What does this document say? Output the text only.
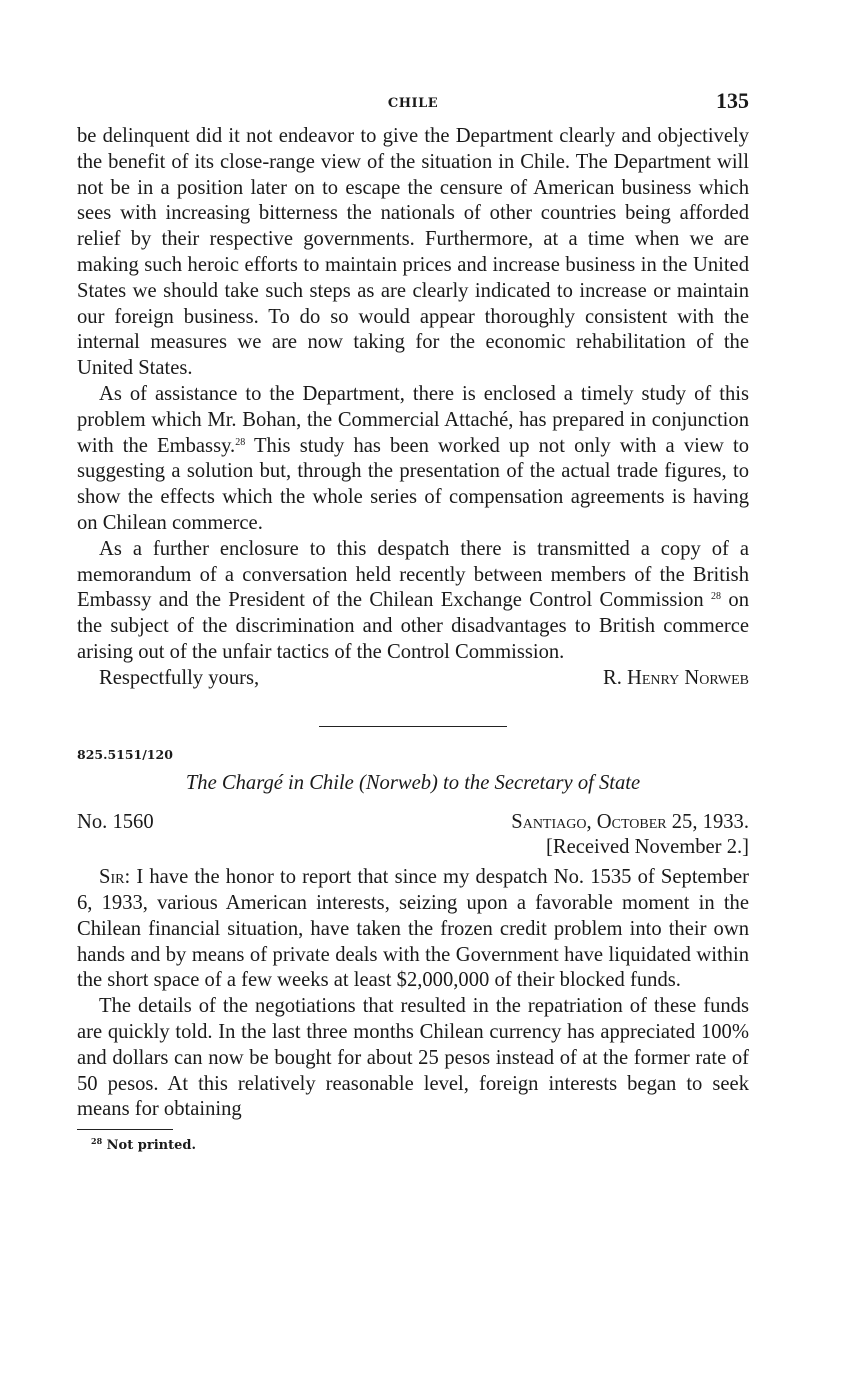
CHILE	135

be delinquent did it not endeavor to give the Department clearly and objectively the benefit of its close-range view of the situation in Chile. The Department will not be in a position later on to escape the censure of American business which sees with increasing bitterness the nationals of other countries being afforded relief by their respective governments. Furthermore, at a time when we are making such heroic efforts to maintain prices and increase business in the United States we should take such steps as are clearly indicated to increase or maintain our foreign business. To do so would appear thoroughly consistent with the internal measures we are now taking for the economic rehabilitation of the United States.

As of assistance to the Department, there is enclosed a timely study of this problem which Mr. Bohan, the Commercial Attaché, has prepared in conjunction with the Embassy.$^{28}$ This study has been worked up not only with a view to suggesting a solution but, through the presentation of the actual trade figures, to show the effects which the whole series of compensation agreements is having on Chilean commerce.

As a further enclosure to this despatch there is transmitted a copy of a memorandum of a conversation held recently between members of the British Embassy and the President of the Chilean Exchange Control Commission $^{28}$ on the subject of the discrimination and other disadvantages to British commerce arising out of the unfair tactics of the Control Commission.

Respectfully yours,	R. Henry Norweb
825.5151/120
The Chargé in Chile (Norweb) to the Secretary of State
No. 1560	Santiago, October 25, 1933.
[Received November 2.]

Sir: I have the honor to report that since my despatch No. 1535 of September 6, 1933, various American interests, seizing upon a favorable moment in the Chilean financial situation, have taken the frozen credit problem into their own hands and by means of private deals with the Government have liquidated within the short space of a few weeks at least $2,000,000 of their blocked funds.

The details of the negotiations that resulted in the repatriation of these funds are quickly told. In the last three months Chilean currency has appreciated 100% and dollars can now be bought for about 25 pesos instead of at the former rate of 50 pesos. At this relatively reasonable level, foreign interests began to seek means for obtaining

$^{28}$ Not printed.
